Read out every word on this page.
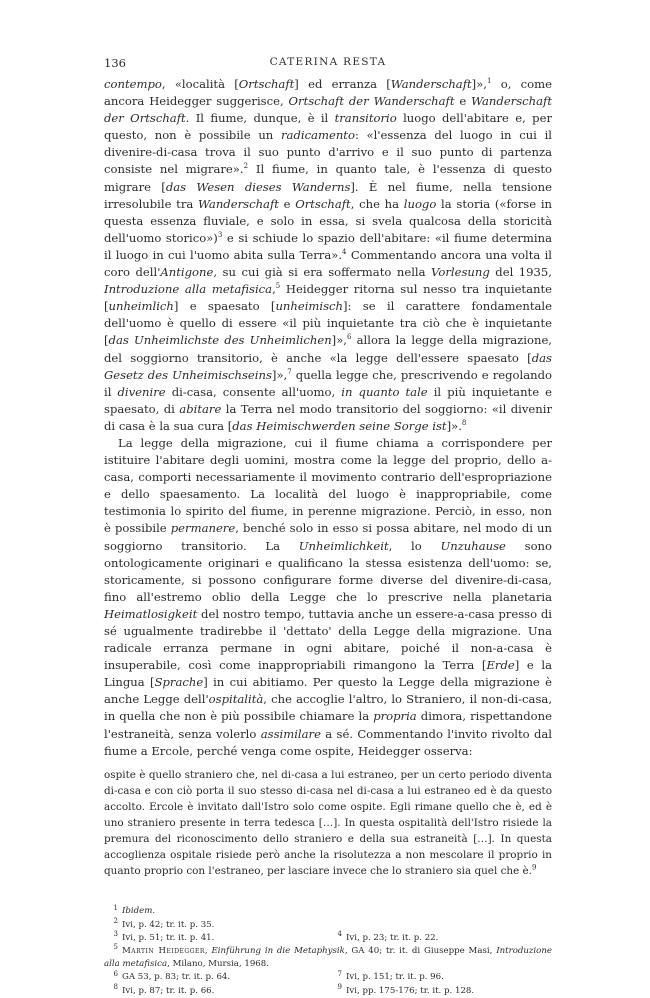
136	CATERINA RESTA

contempo, «località [Ortschaft] ed erranza [Wanderschaft]»,$^1$ o, come ancora Heidegger suggerisce, Ortschaft der Wanderschaft e Wanderschaft der Ortschaft. Il fiume, dunque, è il transitorio luogo dell'abitare e, per questo, non è possibile un radicamento: «l'essenza del luogo in cui il divenire-di-casa trova il suo punto d'arrivo e il suo punto di partenza consiste nel migrare».$^2$ Il fiume, in quanto tale, è l'essenza di questo migrare [das Wesen dieses Wanderns]. È nel fiume, nella tensione irresolubile tra Wanderschaft e Ortschaft, che ha luogo la storia («forse in questa essenza fluviale, e solo in essa, si svela qualcosa della storicità dell'uomo storico»)$^3$ e si schiude lo spazio dell'abitare: «il fiume determina il luogo in cui l'uomo abita sulla Terra».$^4$ Commentando ancora una volta il coro dell'Antigone, su cui già si era soffermato nella Vorlesung del 1935, Introduzione alla metafisica,$^5$ Heidegger ritorna sul nesso tra inquietante [unheimlich] e spaesato [unheimisch]: se il carattere fondamentale dell'uomo è quello di essere «il più inquietante tra ciò che è inquietante [das Unheimlichste des Unheimlichen]»,$^6$ allora la legge della migrazione, del soggiorno transitorio, è anche «la legge dell'essere spaesato [das Gesetz des Unheimischseins]»,$^7$ quella legge che, prescrivendo e regolando il divenire di-casa, consente all'uomo, in quanto tale il più inquietante e spaesato, di abitare la Terra nel modo transitorio del soggiorno: «il divenir di casa è la sua cura [das Heimischwerden seine Sorge ist]».$^8$

La legge della migrazione, cui il fiume chiama a corrispondere per istituire l'abitare degli uomini, mostra come la legge del proprio, dello a-casa, comporti necessariamente il movimento contrario dell'espropriazione e dello spaesamento. La località del luogo è inappropriabile, come testimonia lo spirito del fiume, in perenne migrazione. Perciò, in esso, non è possibile permanere, benché solo in esso si possa abitare, nel modo di un soggiorno transitorio. La Unheimlichkeit, lo Unzuhause sono ontologicamente originari e qualificano la stessa esistenza dell'uomo: se, storicamente, si possono configurare forme diverse del divenire-di-casa, fino all'estremo oblio della Legge che lo prescrive nella planetaria Heimatlosigkeit del nostro tempo, tuttavia anche un essere-a-casa presso di sé ugualmente tradirebbe il 'dettato' della Legge della migrazione. Una radicale erranza permane in ogni abitare, poiché il non-a-casa è insuperabile, così come inappropriabili rimangono la Terra [Erde] e la Lingua [Sprache] in cui abitiamo. Per questo la Legge della migrazione è anche Legge dell'ospitalità, che accoglie l'altro, lo Straniero, il non-di-casa, in quella che non è più possibile chiamare la propria dimora, rispettandone l'estraneità, senza volerlo assimilare a sé. Commentando l'invito rivolto dal fiume a Ercole, perché venga come ospite, Heidegger osserva:

ospite è quello straniero che, nel di-casa a lui estraneo, per un certo periodo diventa di-casa e con ciò porta il suo stesso di-casa nel di-casa a lui estraneo ed è da questo accolto. Ercole è invitato dall'Istro solo come ospite. Egli rimane quello che è, ed è uno straniero presente in terra tedesca […]. In questa ospitalità dell'Istro risiede la premura del riconoscimento dello straniero e della sua estraneità […]. In questa accoglienza ospitale risiede però anche la risolutezza a non mescolare il proprio in quanto proprio con l'estraneo, per lasciare invece che lo straniero sia quel che è.$^9$
$^1$ Ibidem.
$^2$ Ivi, p. 42; tr. it. p. 35.
$^3$ Ivi, p. 51; tr. it. p. 41.	$^4$ Ivi, p. 23; tr. it. p. 22.
$^5$ Martin Heidegger, Einführung in die Metaphysik, GA 40; tr. it. di Giuseppe Masi, Introduzione alla metafisica, Milano, Mursia, 1968.
$^6$ GA 53, p. 83; tr. it. p. 64.	$^7$ Ivi, p. 151; tr. it. p. 96.
$^8$ Ivi, p. 87; tr. it. p. 66.	$^9$ Ivi, pp. 175-176; tr. it. p. 128.
